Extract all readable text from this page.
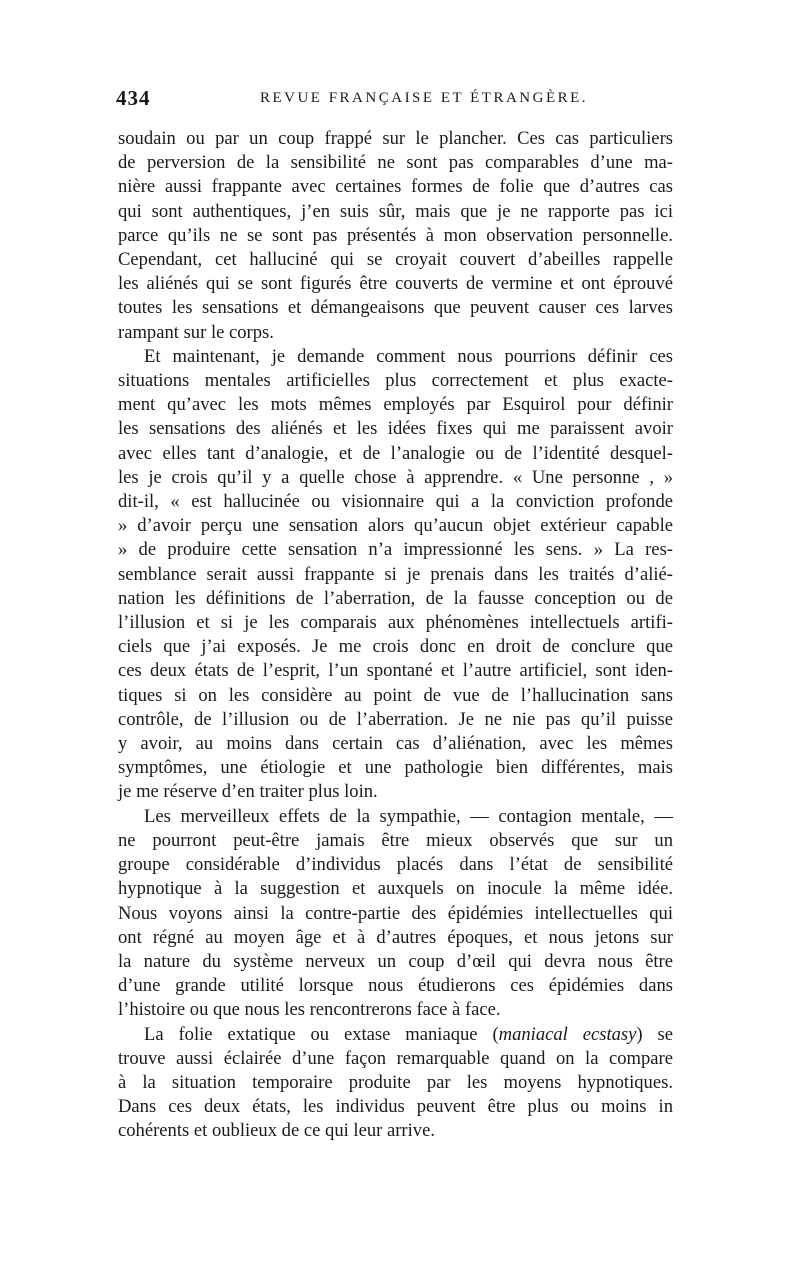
434	REVUE FRANÇAISE ET ÉTRANGÈRE.
soudain ou par un coup frappé sur le plancher. Ces cas particuliers
de perversion de la sensibilité ne sont pas comparables d’une ma-
nière aussi frappante avec certaines formes de folie que d’autres cas
qui sont authentiques, j’en suis sûr, mais que je ne rapporte pas ici
parce qu’ils ne se sont pas présentés à mon observation personnelle.
Cependant, cet halluciné qui se croyait couvert d’abeilles rappelle
les aliénés qui se sont figurés être couverts de vermine et ont éprouvé
toutes les sensations et démangeaisons que peuvent causer ces larves
rampant sur le corps.
Et maintenant, je demande comment nous pourrions définir ces
situations mentales artificielles plus correctement et plus exacte-
ment qu’avec les mots mêmes employés par Esquirol pour définir
les sensations des aliénés et les idées fixes qui me paraissent avoir
avec elles tant d’analogie, et de l’analogie ou de l’identité desquel-
les je crois qu’il y a quelle chose à apprendre. « Une personne , »
dit-il, « est hallucinée ou visionnaire qui a la conviction profonde
» d’avoir perçu une sensation alors qu’aucun objet extérieur capable
» de produire cette sensation n’a impressionné les sens. » La res-
semblance serait aussi frappante si je prenais dans les traités d’alié-
nation les définitions de l’aberration, de la fausse conception ou de
l’illusion et si je les comparais aux phénomènes intellectuels artifi-
ciels que j’ai exposés. Je me crois donc en droit de conclure que
ces deux états de l’esprit, l’un spontané et l’autre artificiel, sont iden-
tiques si on les considère au point de vue de l’hallucination sans
contrôle, de l’illusion ou de l’aberration. Je ne nie pas qu’il puisse
y avoir, au moins dans certain cas d’aliénation, avec les mêmes
symptômes, une étiologie et une pathologie bien différentes, mais
je me réserve d’en traiter plus loin.
Les merveilleux effets de la sympathie, — contagion mentale, —
ne pourront peut-être jamais être mieux observés que sur un
groupe considérable d’individus placés dans l’état de sensibilité
hypnotique à la suggestion et auxquels on inocule la même idée.
Nous voyons ainsi la contre-partie des épidémies intellectuelles qui
ont régné au moyen âge et à d’autres époques, et nous jetons sur
la nature du système nerveux un coup d’œil qui devra nous être
d’une grande utilité lorsque nous étudierons ces épidémies dans
l’histoire ou que nous les rencontrerons face à face.
La folie extatique ou extase maniaque (maniacal ecstasy) se
trouve aussi éclairée d’une façon remarquable quand on la compare
à la situation temporaire produite par les moyens hypnotiques.
Dans ces deux états, les individus peuvent être plus ou moins in
cohérents et oublieux de ce qui leur arrive.
